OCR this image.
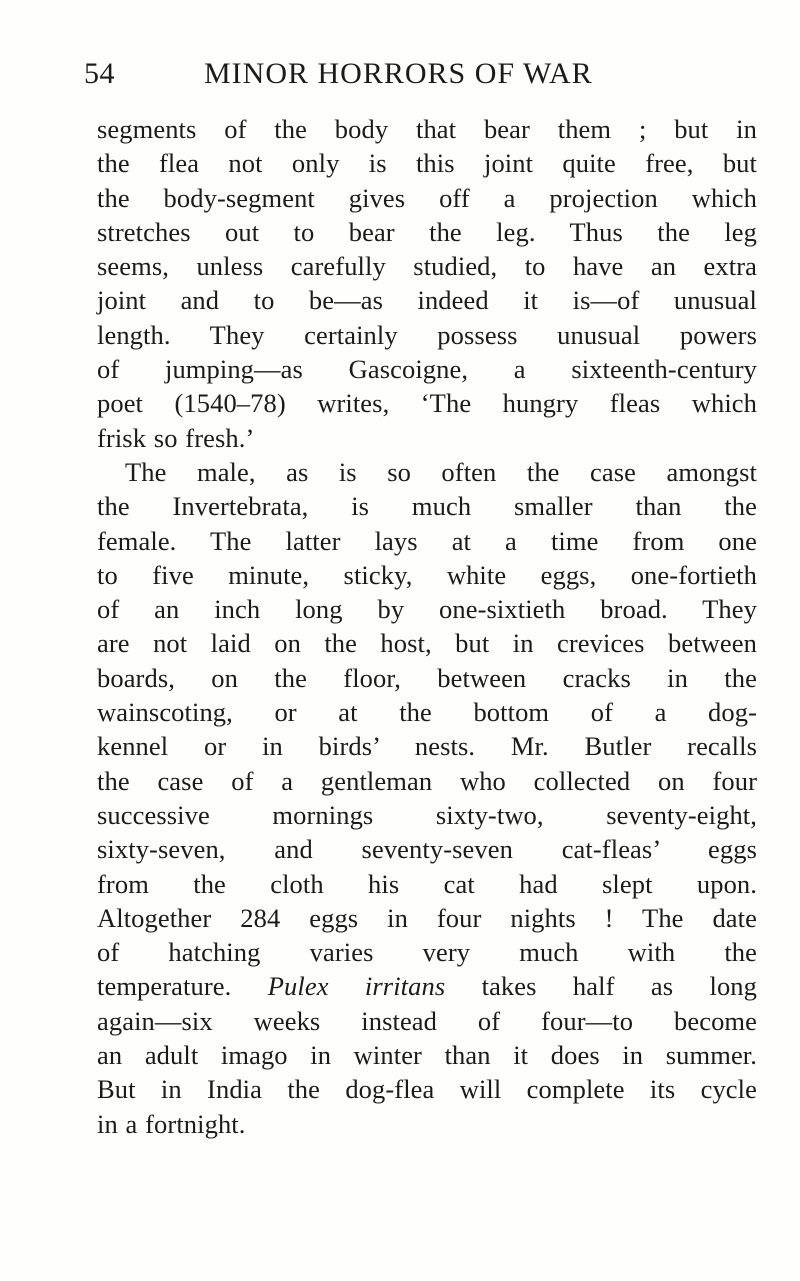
54	MINOR HORRORS OF WAR
segments of the body that bear them ; but in
the flea not only is this joint quite free, but
the body-segment gives off a projection which
stretches out to bear the leg. Thus the leg
seems, unless carefully studied, to have an extra
joint and to be—as indeed it is—of unusual
length. They certainly possess unusual powers
of jumping—as Gascoigne, a sixteenth-century
poet (1540–78) writes, ‘The hungry fleas which
frisk so fresh.’
The male, as is so often the case amongst
the Invertebrata, is much smaller than the
female. The latter lays at a time from one
to five minute, sticky, white eggs, one-fortieth
of an inch long by one-sixtieth broad. They
are not laid on the host, but in crevices between
boards, on the floor, between cracks in the
wainscoting, or at the bottom of a dog-
kennel or in birds’ nests. Mr. Butler recalls
the case of a gentleman who collected on four
successive mornings sixty-two, seventy-eight,
sixty-seven, and seventy-seven cat-fleas’ eggs
from the cloth his cat had slept upon.
Altogether 284 eggs in four nights ! The date
of hatching varies very much with the
temperature. Pulex irritans takes half as long
again—six weeks instead of four—to become
an adult imago in winter than it does in summer.
But in India the dog-flea will complete its cycle
in a fortnight.
